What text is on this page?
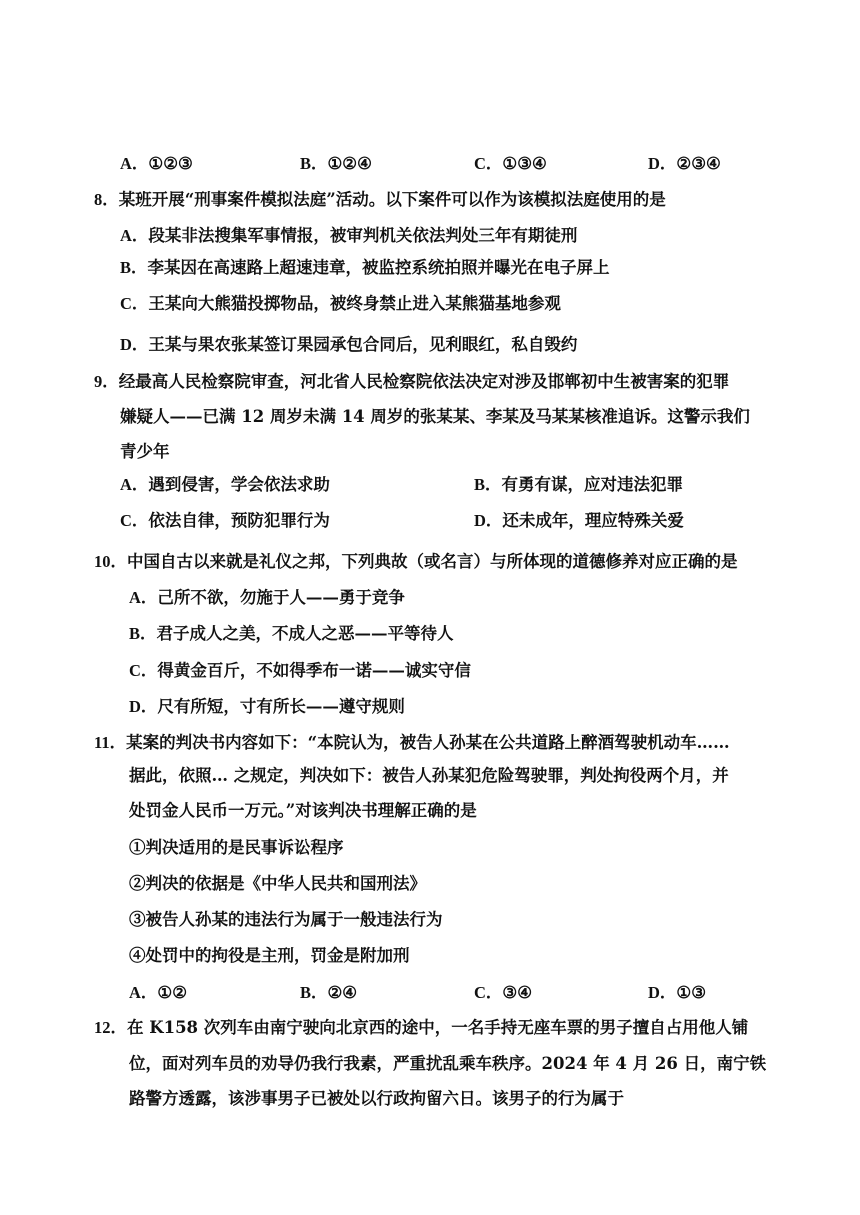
A．①②③	B．①②④	C．①③④	D．②③④
8．某班开展“刑事案件模拟法庭”活动。以下案件可以作为该模拟法庭使用的是
A．段某非法搜集军事情报，被审判机关依法判处三年有期徒刑
B．李某因在高速路上超速违章，被监控系统拍照并曝光在电子屏上
C．王某向大熊猫投掷物品，被终身禁止进入某熊猫基地参观
D．王某与果农张某签订果园承包合同后，见利眼红，私自毁约
9．经最高人民检察院审查，河北省人民检察院依法决定对涉及邯郸初中生被害案的犯罪
嫌疑人——已满 12 周岁未满 14 周岁的张某某、李某及马某某核准追诉。这警示我们
青少年
A．遇到侵害，学会依法求助	B．有勇有谋，应对违法犯罪
C．依法自律，预防犯罪行为	D．还未成年，理应特殊关爱
10．中国自古以来就是礼仪之邦，下列典故（或名言）与所体现的道德修养对应正确的是
A．己所不欲，勿施于人——勇于竞争
B．君子成人之美，不成人之恶——平等待人
C．得黄金百斤，不如得季布一诺——诚实守信
D．尺有所短，寸有所长——遵守规则
11．某案的判决书内容如下：“本院认为，被告人孙某在公共道路上醉酒驾驶机动车……
据此，依照… 之规定，判决如下：被告人孙某犯危险驾驶罪，判处拘役两个月，并
处罚金人民币一万元。”对该判决书理解正确的是
①判决适用的是民事诉讼程序
②判决的依据是《中华人民共和国刑法》
③被告人孙某的违法行为属于一般违法行为
④处罚中的拘役是主刑，罚金是附加刑
A．①②	B．②④	C．③④	D．①③
12．在 K158 次列车由南宁驶向北京西的途中，一名手持无座车票的男子擅自占用他人铺
位，面对列车员的劝导仍我行我素，严重扰乱乘车秩序。2024 年 4 月 26 日，南宁铁
路警方透露，该涉事男子已被处以行政拘留六日。该男子的行为属于
